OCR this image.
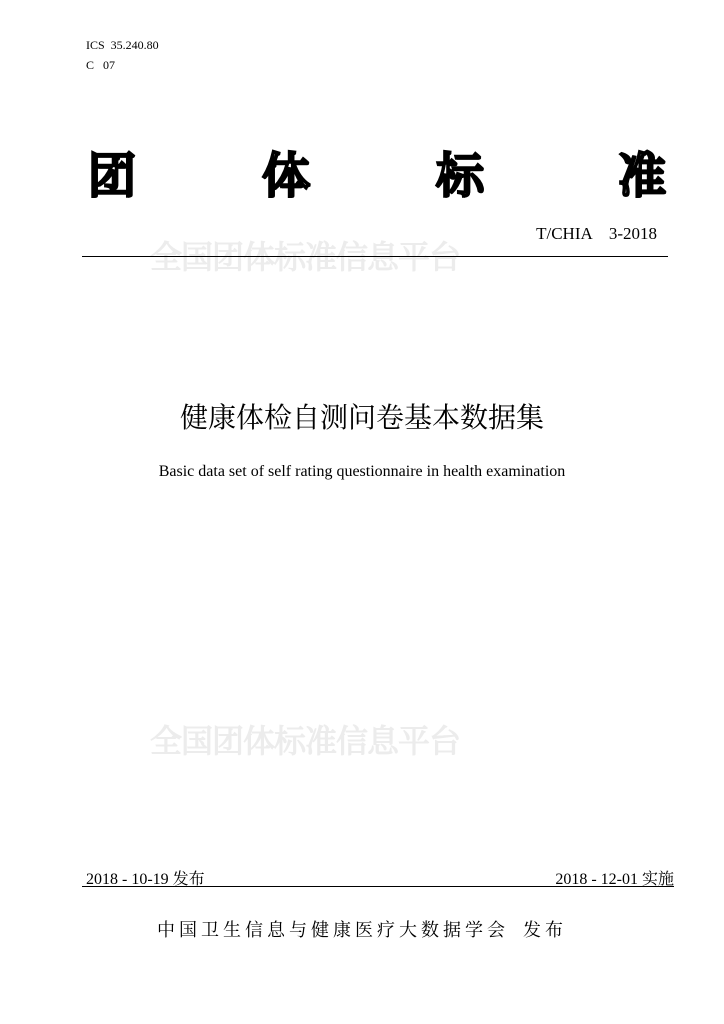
ICS  35.240.80
C   07
全国团体标准信息平台
全国团体标准信息平台
团	体	标	准
T/CHIA    3-2018
健康体检自测问卷基本数据集
Basic data set of self rating questionnaire in health examination
2018 - 10-19 发布	2018 - 12-01 实施
中国卫生信息与健康医疗大数据学会 发布
